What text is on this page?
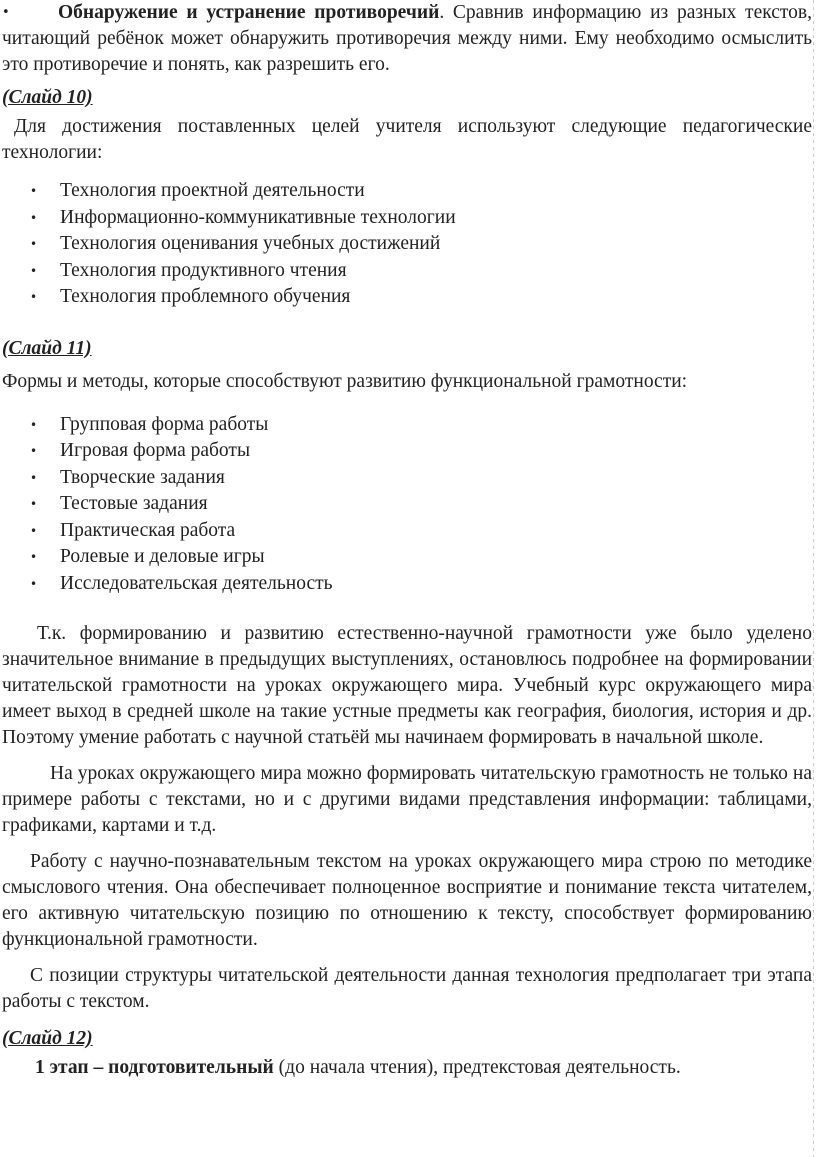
• Обнаружение и устранение противоречий. Сравнив информацию из разных текстов, читающий ребёнок может обнаружить противоречия между ними. Ему необходимо осмыслить это противоречие и понять, как разрешить его.

(Слайд 10)

Для достижения поставленных целей учителя используют следующие педагогические технологии:

• Технология проектной деятельности
• Информационно-коммуникативные технологии
• Технология оценивания учебных достижений
• Технология продуктивного чтения
• Технология проблемного обучения

(Слайд 11)

Формы и методы, которые способствуют развитию функциональной грамотности:

• Групповая форма работы
• Игровая форма работы
• Творческие задания
• Тестовые задания
• Практическая работа
• Ролевые и деловые игры
• Исследовательская деятельность

Т.к. формированию и развитию естественно-научной грамотности уже было уделено значительное внимание в предыдущих выступлениях, остановлюсь подробнее на формировании читательской грамотности на уроках окружающего мира. Учебный курс окружающего мира имеет выход в средней школе на такие устные предметы как география, биология, история и др. Поэтому умение работать с научной статьёй мы начинаем формировать в начальной школе.

На уроках окружающего мира можно формировать читательскую грамотность не только на примере работы с текстами, но и с другими видами представления информации: таблицами, графиками, картами и т.д.

Работу с научно-познавательным текстом на уроках окружающего мира строю по методике смыслового чтения. Она обеспечивает полноценное восприятие и понимание текста читателем, его активную читательскую позицию по отношению к тексту, способствует формированию функциональной грамотности.

С позиции структуры читательской деятельности данная технология предполагает три этапа работы с текстом.

(Слайд 12)

1 этап – подготовительный (до начала чтения), предтекстовая деятельность.
